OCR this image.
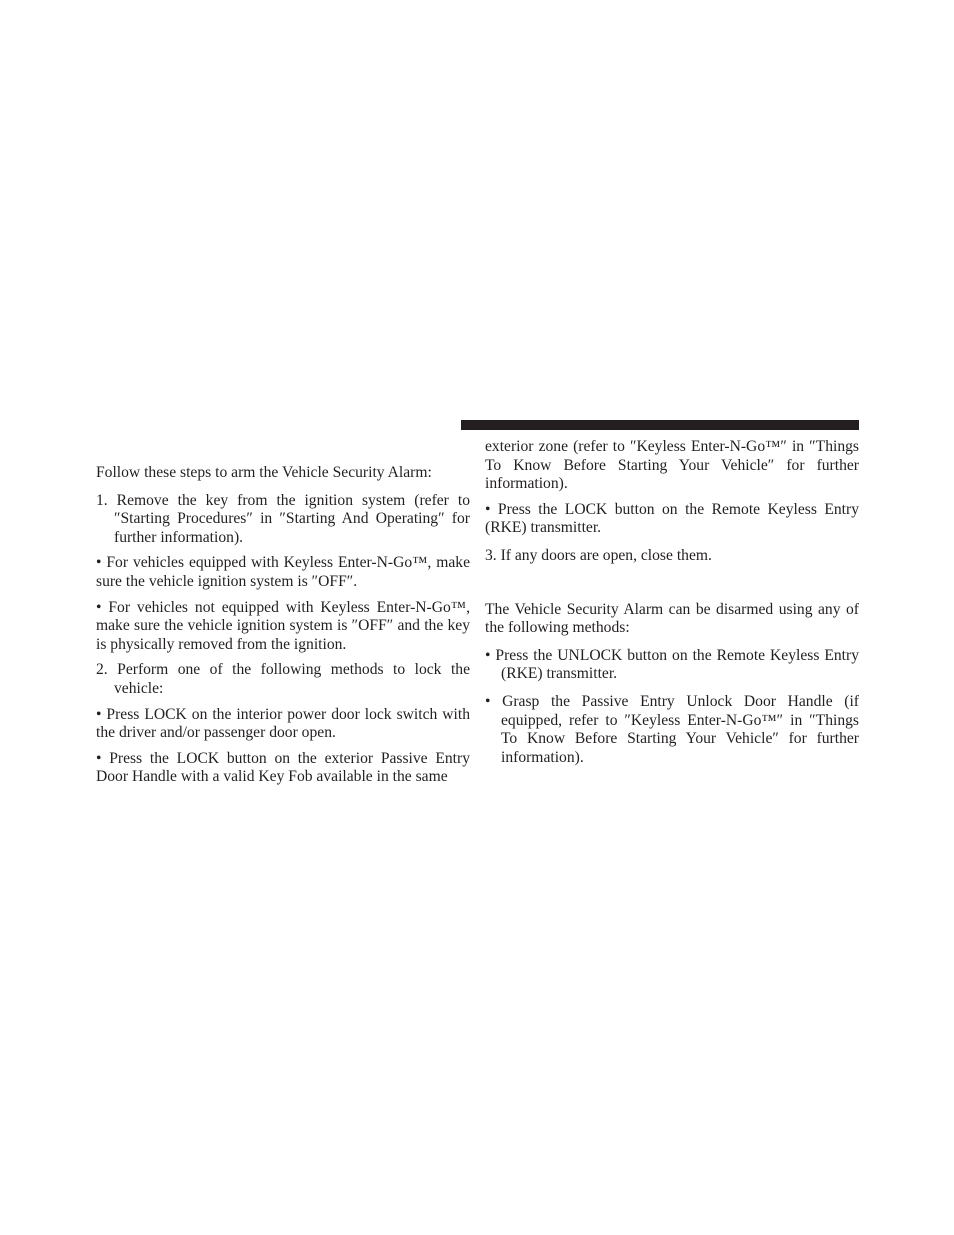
Follow these steps to arm the Vehicle Security Alarm:

1. Remove the key from the ignition system (refer to ″Starting Procedures″ in ″Starting And Operating″ for further information).

• For vehicles equipped with Keyless Enter-N-Go™, make sure the vehicle ignition system is ″OFF″.

• For vehicles not equipped with Keyless Enter-N-Go™, make sure the vehicle ignition system is ″OFF″ and the key is physically removed from the ignition.

2. Perform one of the following methods to lock the vehicle:

• Press LOCK on the interior power door lock switch with the driver and/or passenger door open.

• Press the LOCK button on the exterior Passive Entry Door Handle with a valid Key Fob available in the same

exterior zone (refer to ″Keyless Enter-N-Go™″ in ″Things To Know Before Starting Your Vehicle″ for further information).

• Press the LOCK button on the Remote Keyless Entry (RKE) transmitter.

3. If any doors are open, close them.

The Vehicle Security Alarm can be disarmed using any of the following methods:

• Press the UNLOCK button on the Remote Keyless Entry (RKE) transmitter.

• Grasp the Passive Entry Unlock Door Handle (if equipped, refer to ″Keyless Enter-N-Go™″ in ″Things To Know Before Starting Your Vehicle″ for further information).
